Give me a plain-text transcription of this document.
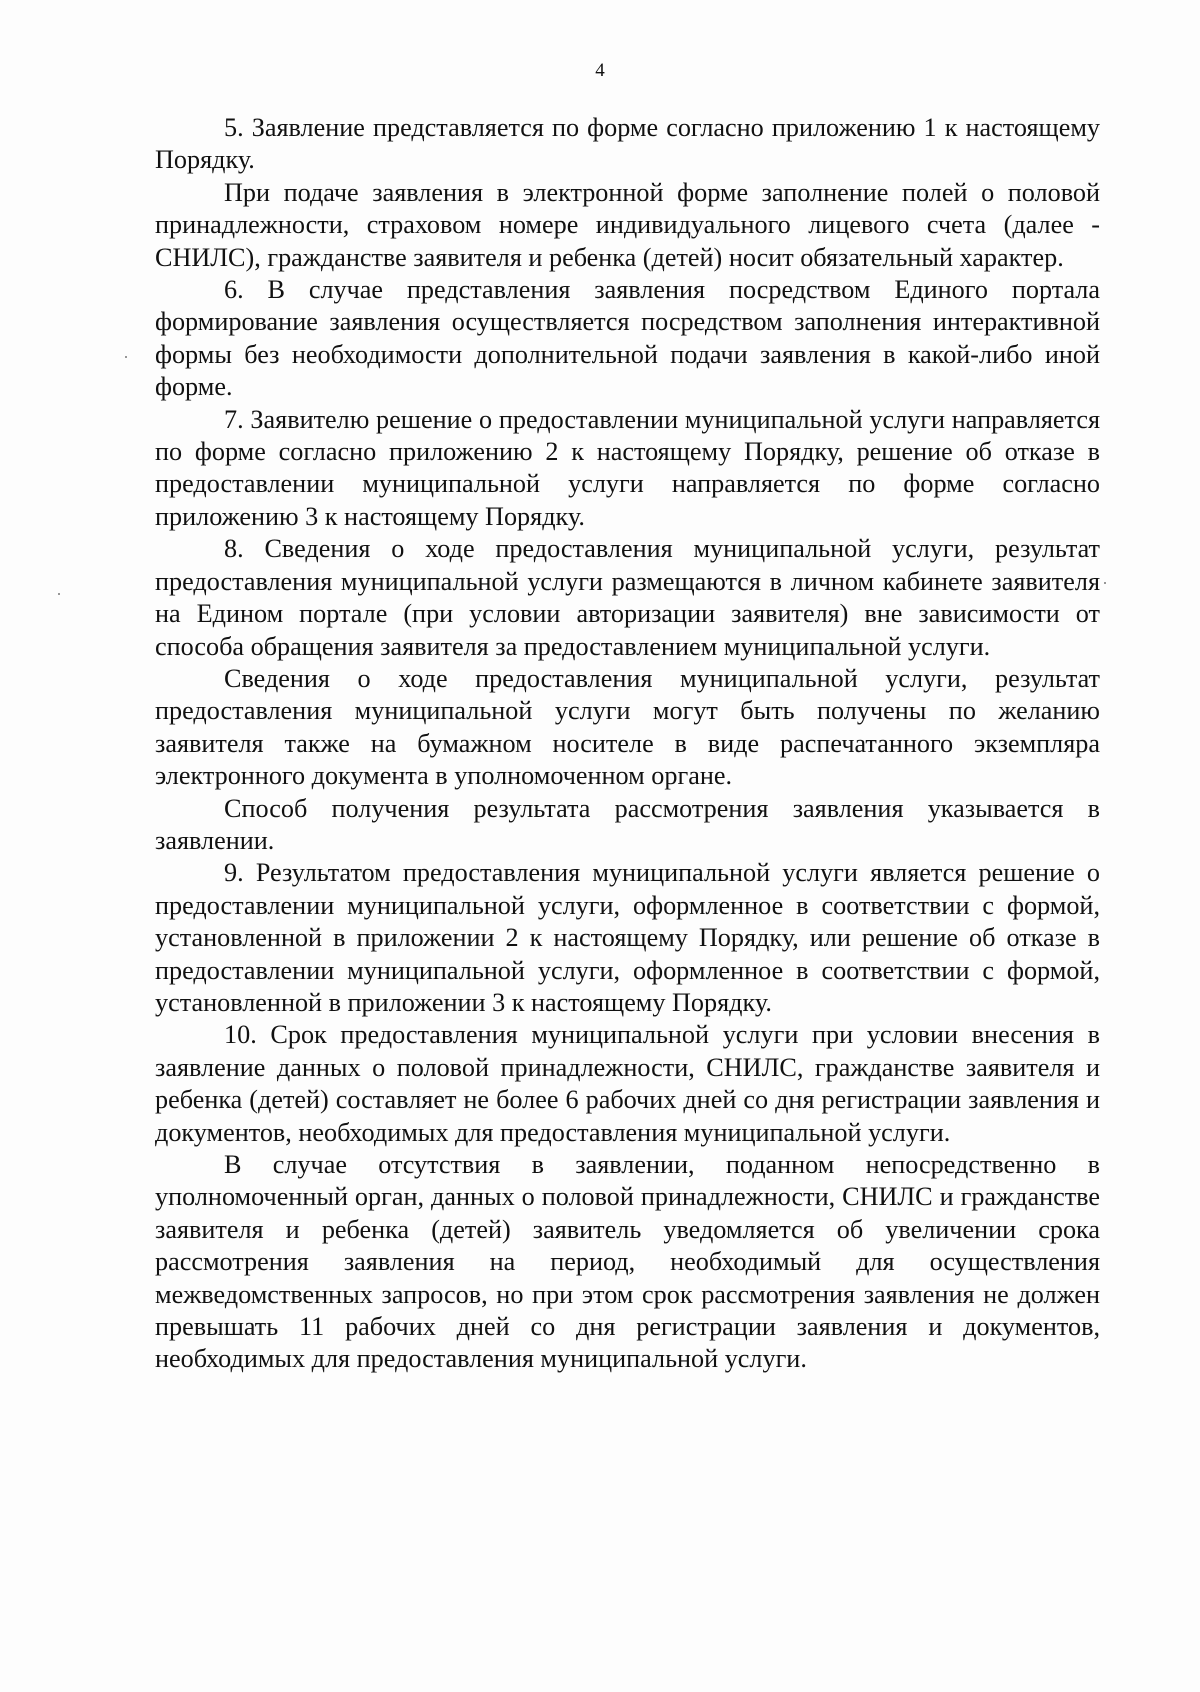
4

5. Заявление представляется по форме согласно приложению 1 к настоящему Порядку.

При подаче заявления в электронной форме заполнение полей о половой принадлежности, страховом номере индивидуального лицевого счета (далее - СНИЛС), гражданстве заявителя и ребенка (детей) носит обязательный характер.

6. В случае представления заявления посредством Единого портала формирование заявления осуществляется посредством заполнения интерактивной формы без необходимости дополнительной подачи заявления в какой-либо иной форме.

7. Заявителю решение о предоставлении муниципальной услуги направляется по форме согласно приложению 2 к настоящему Порядку, решение об отказе в предоставлении муниципальной услуги направляется по форме согласно приложению 3 к настоящему Порядку.

8. Сведения о ходе предоставления муниципальной услуги, результат предоставления муниципальной услуги размещаются в личном кабинете заявителя на Едином портале (при условии авторизации заявителя) вне зависимости от способа обращения заявителя за предоставлением муниципальной услуги.

Сведения о ходе предоставления муниципальной услуги, результат предоставления муниципальной услуги могут быть получены по желанию заявителя также на бумажном носителе в виде распечатанного экземпляра электронного документа в уполномоченном органе.

Способ получения результата рассмотрения заявления указывается в заявлении.

9. Результатом предоставления муниципальной услуги является решение о предоставлении муниципальной услуги, оформленное в соответствии с формой, установленной в приложении 2 к настоящему Порядку, или решение об отказе в предоставлении муниципальной услуги, оформленное в соответствии с формой, установленной в приложении 3 к настоящему Порядку.

10. Срок предоставления муниципальной услуги при условии внесения в заявление данных о половой принадлежности, СНИЛС, гражданстве заявителя и ребенка (детей) составляет не более 6 рабочих дней со дня регистрации заявления и документов, необходимых для предоставления муниципальной услуги.

В случае отсутствия в заявлении, поданном непосредственно в уполномоченный орган, данных о половой принадлежности, СНИЛС и гражданстве заявителя и ребенка (детей) заявитель уведомляется об увеличении срока рассмотрения заявления на период, необходимый для осуществления межведомственных запросов, но при этом срок рассмотрения заявления не должен превышать 11 рабочих дней со дня регистрации заявления и документов, необходимых для предоставления муниципальной услуги.
